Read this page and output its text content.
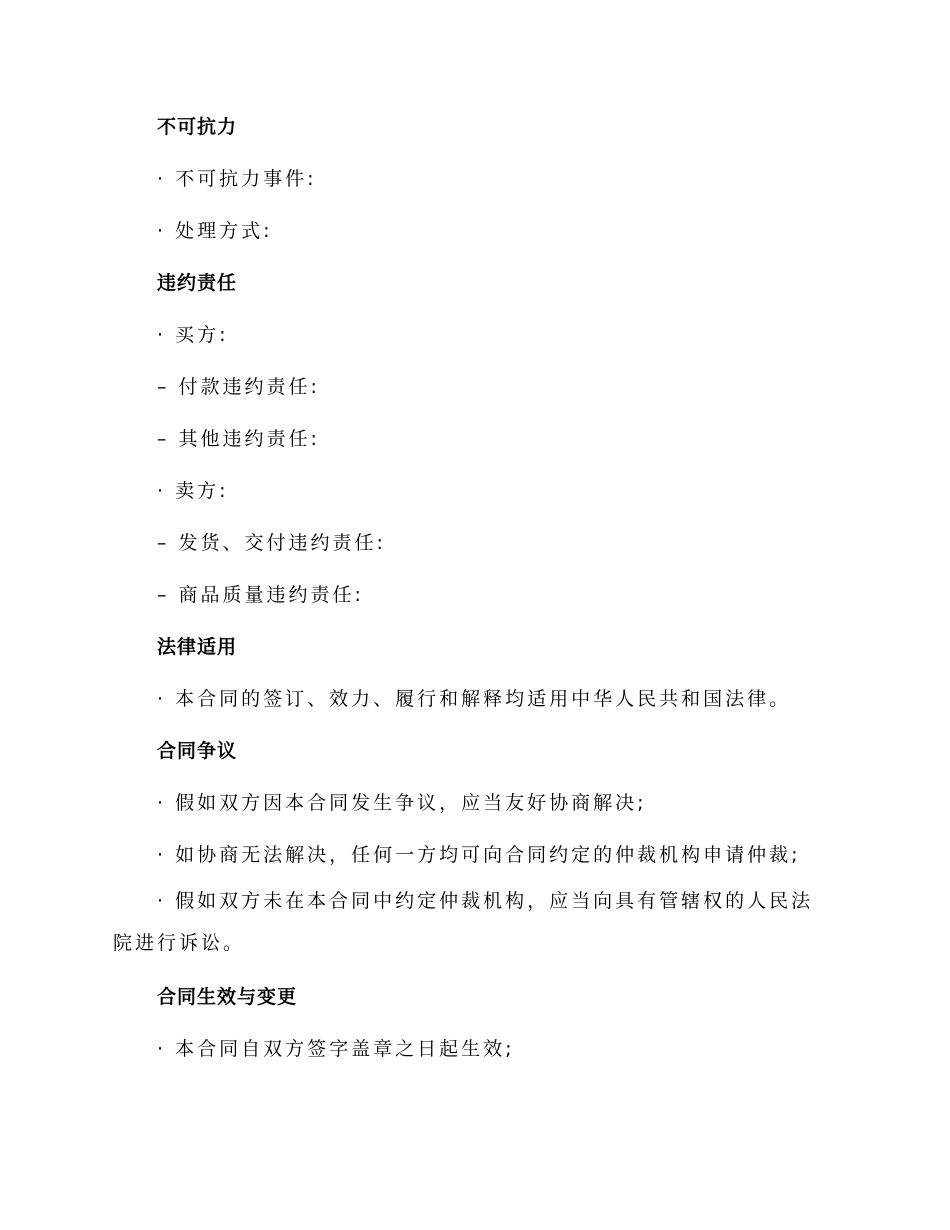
不可抗力
· 不可抗力事件:
· 处理方式:
违约责任
· 买方:
– 付款违约责任:
– 其他违约责任:
· 卖方:
– 发货、交付违约责任:
– 商品质量违约责任:
法律适用
· 本合同的签订、效力、履行和解释均适用中华人民共和国法律。
合同争议
· 假如双方因本合同发生争议，应当友好协商解决;
· 如协商无法解决，任何一方均可向合同约定的仲裁机构申请仲裁;
· 假如双方未在本合同中约定仲裁机构，应当向具有管辖权的人民法院进行诉讼。
合同生效与变更
· 本合同自双方签字盖章之日起生效;
